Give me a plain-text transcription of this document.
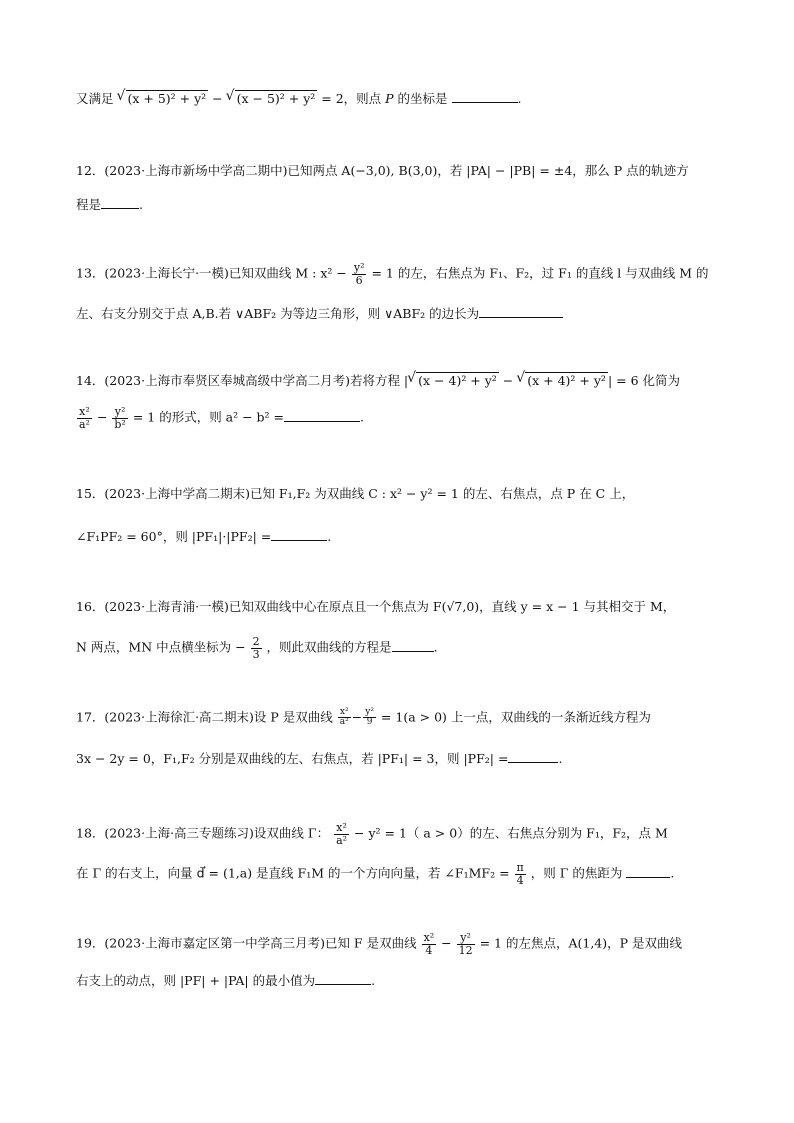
又满足 √ (x + 5)² + y² − √ (x − 5)² + y² = 2，则点 P 的坐标是	.
12．(2023·上海市新场中学高二期中)已知两点 A(−3,0), B(3,0)，若 |PA| − |PB| = ±4，那么 P 点的轨迹方
程是	.
13．(2023·上海长宁·一模)已知双曲线 M : $x^2 - \frac{\text{y²}}{6} = 1$ 的左，右焦点为 F₁、F₂，过 F₁ 的直线 l 与双曲线 M 的
左、右支分别交于点 A,B.若 ∨ABF₂ 为等边三角形，则 ∨ABF₂ 的边长为
14．(2023·上海市奉贤区奉城高级中学高二月考)若将方程 | √ (x − 4)² + y² − √ (x + 4)² + y² | = 6 化简为
$\frac{\text{x²}}{\text{a²}} - \frac{\text{y²}}{\text{b²}} = 1$ 的形式，则 a² − b² =	.
15．(2023·上海中学高二期末)已知 F₁,F₂ 为双曲线 C : x² − y² = 1 的左、右焦点，点 P 在 C 上，
∠F₁PF₂ = 60°，则 |PF₁|·|PF₂| =	.
16．(2023·上海青浦·一模)已知双曲线中心在原点且一个焦点为 F(√7,0)，直线 y = x − 1 与其相交于 M，
N 两点，MN 中点横坐标为 − $\frac{2}{3}$ ，则此双曲线的方程是	.
17．(2023·上海徐汇·高二期末)设 P 是双曲线 $\frac{\text{x²}}{\text{a²}} - \frac{\text{y²}}{9} = 1(a > 0)$ 上一点，双曲线的一条渐近线方程为
3x − 2y = 0，F₁,F₂ 分别是双曲线的左、右焦点，若 |PF₁| = 3，则 |PF₂| =	.
18．(2023·上海·高三专题练习)设双曲线 Γ： $\frac{\text{x²}}{\text{a²}} - y^2 = 1$（ a > 0）的左、右焦点分别为 F₁，F₂，点 M
在 Γ 的右支上，向量 d⃗ = (1,a) 是直线 F₁M 的一个方向向量，若 ∠F₁MF₂ = $\frac{\pi}{4}$ ，则 Γ 的焦距为	.
19．(2023·上海市嘉定区第一中学高三月考)已知 F 是双曲线 $\frac{\text{x²}}{4} - \frac{\text{y²}}{12} = 1$ 的左焦点，A(1,4)，P 是双曲线
右支上的动点，则 |PF| + |PA| 的最小值为	.
